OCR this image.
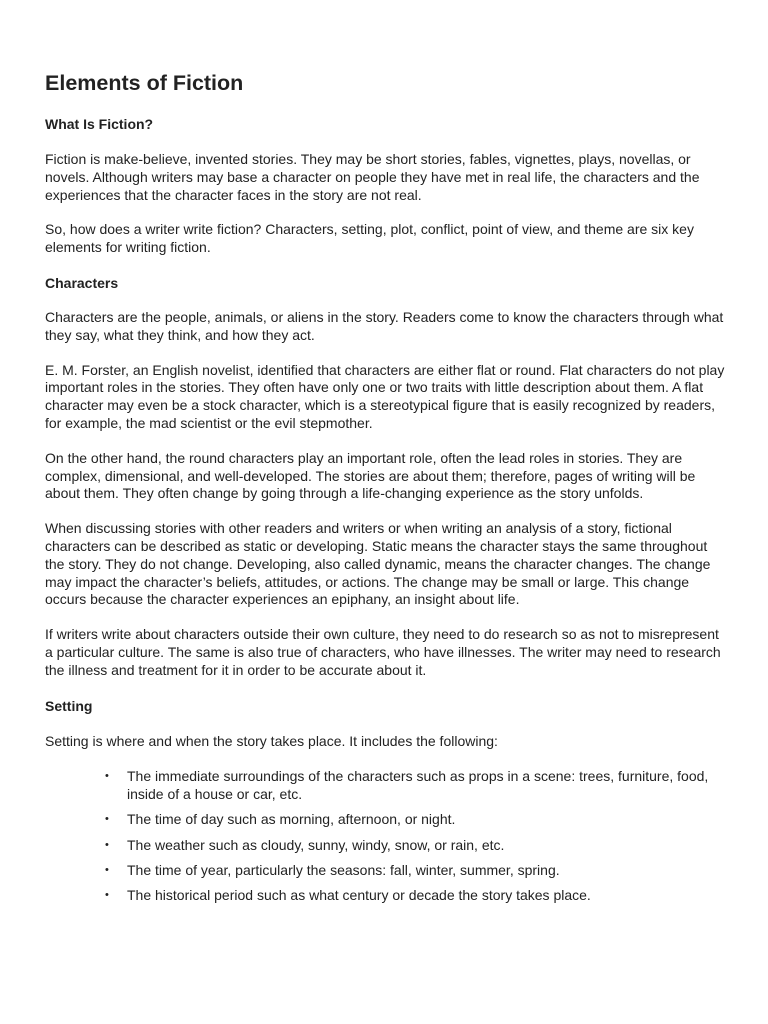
Elements of Fiction
What Is Fiction?

Fiction is make-believe, invented stories. They may be short stories, fables, vignettes, plays, novellas, or novels. Although writers may base a character on people they have met in real life, the characters and the experiences that the character faces in the story are not real.

So, how does a writer write fiction? Characters, setting, plot, conflict, point of view, and theme are six key elements for writing fiction.

Characters

Characters are the people, animals, or aliens in the story. Readers come to know the characters through what they say, what they think, and how they act.

E. M. Forster, an English novelist, identified that characters are either flat or round. Flat characters do not play important roles in the stories. They often have only one or two traits with little description about them. A flat character may even be a stock character, which is a stereotypical figure that is easily recognized by readers, for example, the mad scientist or the evil stepmother.

On the other hand, the round characters play an important role, often the lead roles in stories. They are complex, dimensional, and well-developed. The stories are about them; therefore, pages of writing will be about them. They often change by going through a life-changing experience as the story unfolds.

When discussing stories with other readers and writers or when writing an analysis of a story, fictional characters can be described as static or developing. Static means the character stays the same throughout the story. They do not change. Developing, also called dynamic, means the character changes. The change may impact the character’s beliefs, attitudes, or actions. The change may be small or large. This change occurs because the character experiences an epiphany, an insight about life.

If writers write about characters outside their own culture, they need to do research so as not to misrepresent a particular culture. The same is also true of characters, who have illnesses. The writer may need to research the illness and treatment for it in order to be accurate about it.

Setting

Setting is where and when the story takes place. It includes the following:

• The immediate surroundings of the characters such as props in a scene: trees, furniture, food, inside of a house or car, etc.
• The time of day such as morning, afternoon, or night.
• The weather such as cloudy, sunny, windy, snow, or rain, etc.
• The time of year, particularly the seasons: fall, winter, summer, spring.
• The historical period such as what century or decade the story takes place.
